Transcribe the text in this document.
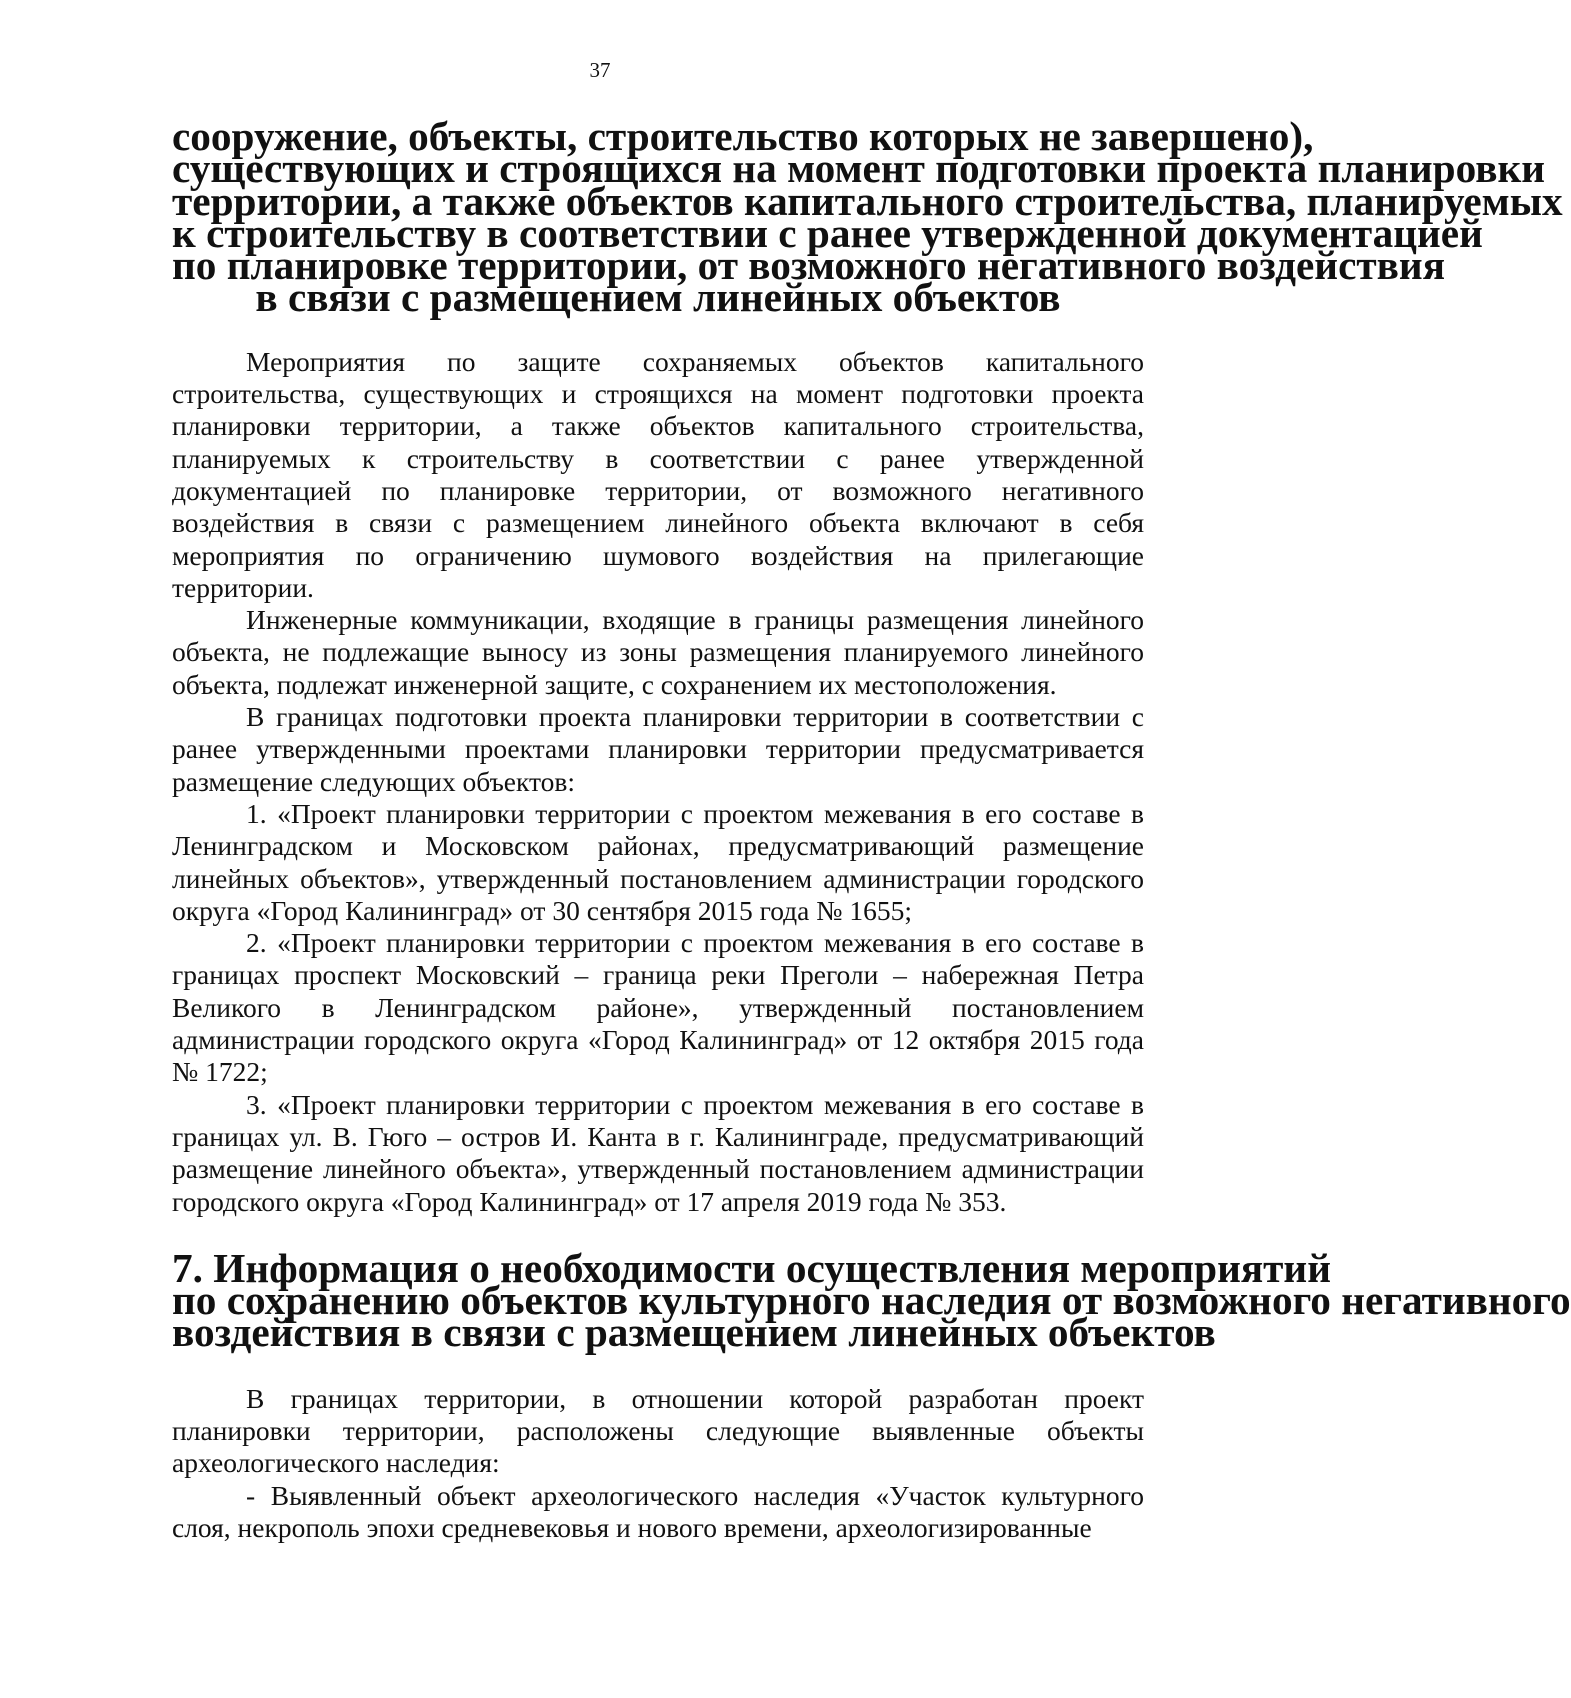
37
сооружение, объекты, строительство которых не завершено),
существующих и строящихся на момент подготовки проекта планировки
территории, а также объектов капитального строительства, планируемых
к строительству в соответствии с ранее утвержденной документацией
по планировке территории, от возможного негативного воздействия
в связи с размещением линейных объектов

Мероприятия по защите сохраняемых объектов капитального строительства, существующих и строящихся на момент подготовки проекта планировки территории, а также объектов капитального строительства, планируемых к строительству в соответствии с ранее утвержденной документацией по планировке территории, от возможного негативного воздействия в связи с размещением линейного объекта включают в себя мероприятия по ограничению шумового воздействия на прилегающие территории.

Инженерные коммуникации, входящие в границы размещения линейного объекта, не подлежащие выносу из зоны размещения планируемого линейного объекта, подлежат инженерной защите, с сохранением их местоположения.

В границах подготовки проекта планировки территории в соответствии с ранее утвержденными проектами планировки территории предусматривается размещение следующих объектов:

1. «Проект планировки территории с проектом межевания в его составе в Ленинградском и Московском районах, предусматривающий размещение линейных объектов», утвержденный постановлением администрации городского округа «Город Калининград» от 30 сентября 2015 года № 1655;

2. «Проект планировки территории с проектом межевания в его составе в границах проспект Московский – граница реки Преголи – набережная Петра Великого в Ленинградском районе», утвержденный постановлением администрации городского округа «Город Калининград» от 12 октября 2015 года № 1722;

3. «Проект планировки территории с проектом межевания в его составе в границах ул. В. Гюго – остров И. Канта в г. Калининграде, предусматривающий размещение линейного объекта», утвержденный постановлением администрации городского округа «Город Калининград» от 17 апреля 2019 года № 353.

7. Информация о необходимости осуществления мероприятий
по сохранению объектов культурного наследия от возможного негативного
воздействия в связи с размещением линейных объектов

В границах территории, в отношении которой разработан проект планировки территории, расположены следующие выявленные объекты археологического наследия:

- Выявленный объект археологического наследия «Участок культурного слоя, некрополь эпохи средневековья и нового времени, археологизированные
